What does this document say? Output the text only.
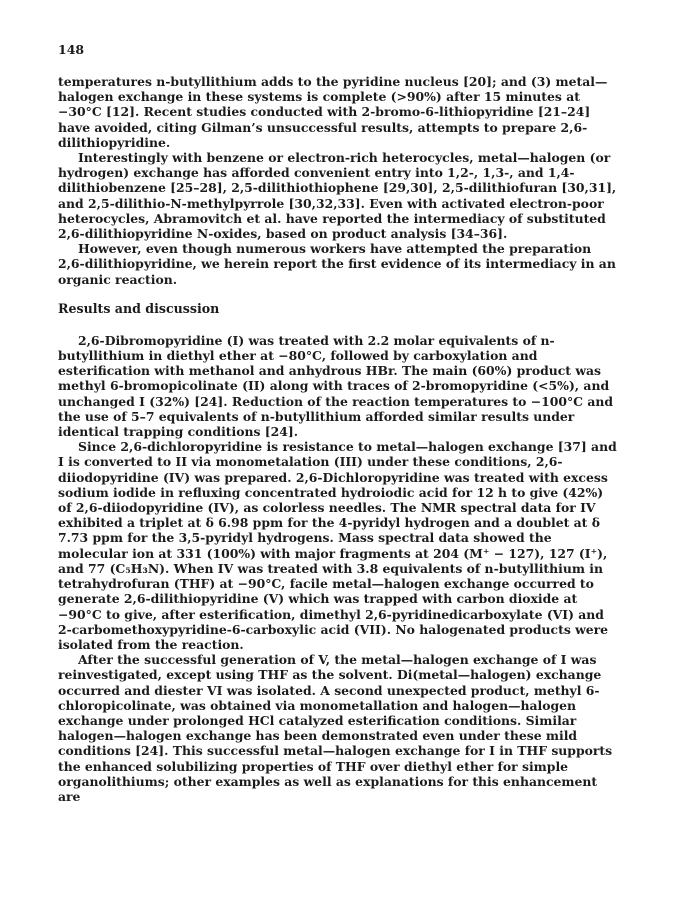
148

temperatures n-butyllithium adds to the pyridine nucleus [20]; and (3) metal—halogen exchange in these systems is complete (>90%) after 15 minutes at −30°C [12]. Recent studies conducted with 2-bromo-6-lithiopyridine [21–24] have avoided, citing Gilman’s unsuccessful results, attempts to prepare 2,6-dilithiopyridine.

Interestingly with benzene or electron-rich heterocycles, metal—halogen (or hydrogen) exchange has afforded convenient entry into 1,2-, 1,3-, and 1,4-dilithiobenzene [25–28], 2,5-dilithiothiophene [29,30], 2,5-dilithiofuran [30,31], and 2,5-dilithio-N-methylpyrrole [30,32,33]. Even with activated electron-poor heterocycles, Abramovitch et al. have reported the intermediacy of substituted 2,6-dilithiopyridine N-oxides, based on product analysis [34–36].

However, even though numerous workers have attempted the preparation 2,6-dilithiopyridine, we herein report the first evidence of its intermediacy in an organic reaction.

Results and discussion

2,6-Dibromopyridine (I) was treated with 2.2 molar equivalents of n-butyllithium in diethyl ether at −80°C, followed by carboxylation and esterification with methanol and anhydrous HBr. The main (60%) product was methyl 6-bromopicolinate (II) along with traces of 2-bromopyridine (<5%), and unchanged I (32%) [24]. Reduction of the reaction temperatures to −100°C and the use of 5–7 equivalents of n-butyllithium afforded similar results under identical trapping conditions [24].

Since 2,6-dichloropyridine is resistance to metal—halogen exchange [37] and I is converted to II via monometalation (III) under these conditions, 2,6-diiodopyridine (IV) was prepared. 2,6-Dichloropyridine was treated with excess sodium iodide in refluxing concentrated hydroiodic acid for 12 h to give (42%) of 2,6-diiodopyridine (IV), as colorless needles. The NMR spectral data for IV exhibited a triplet at δ 6.98 ppm for the 4-pyridyl hydrogen and a doublet at δ 7.73 ppm for the 3,5-pyridyl hydrogens. Mass spectral data showed the molecular ion at 331 (100%) with major fragments at 204 (M⁺ − 127), 127 (I⁺), and 77 (C₅H₃N). When IV was treated with 3.8 equivalents of n-butyllithium in tetrahydrofuran (THF) at −90°C, facile metal—halogen exchange occurred to generate 2,6-dilithiopyridine (V) which was trapped with carbon dioxide at −90°C to give, after esterification, dimethyl 2,6-pyridinedicarboxylate (VI) and 2-carbomethoxypyridine-6-carboxylic acid (VII). No halogenated products were isolated from the reaction.

After the successful generation of V, the metal—halogen exchange of I was reinvestigated, except using THF as the solvent. Di(metal—halogen) exchange occurred and diester VI was isolated. A second unexpected product, methyl 6-chloropicolinate, was obtained via monometallation and halogen—halogen exchange under prolonged HCl catalyzed esterification conditions. Similar halogen—halogen exchange has been demonstrated even under these mild conditions [24]. This successful metal—halogen exchange for I in THF supports the enhanced solubilizing properties of THF over diethyl ether for simple organolithiums; other examples as well as explanations for this enhancement are
